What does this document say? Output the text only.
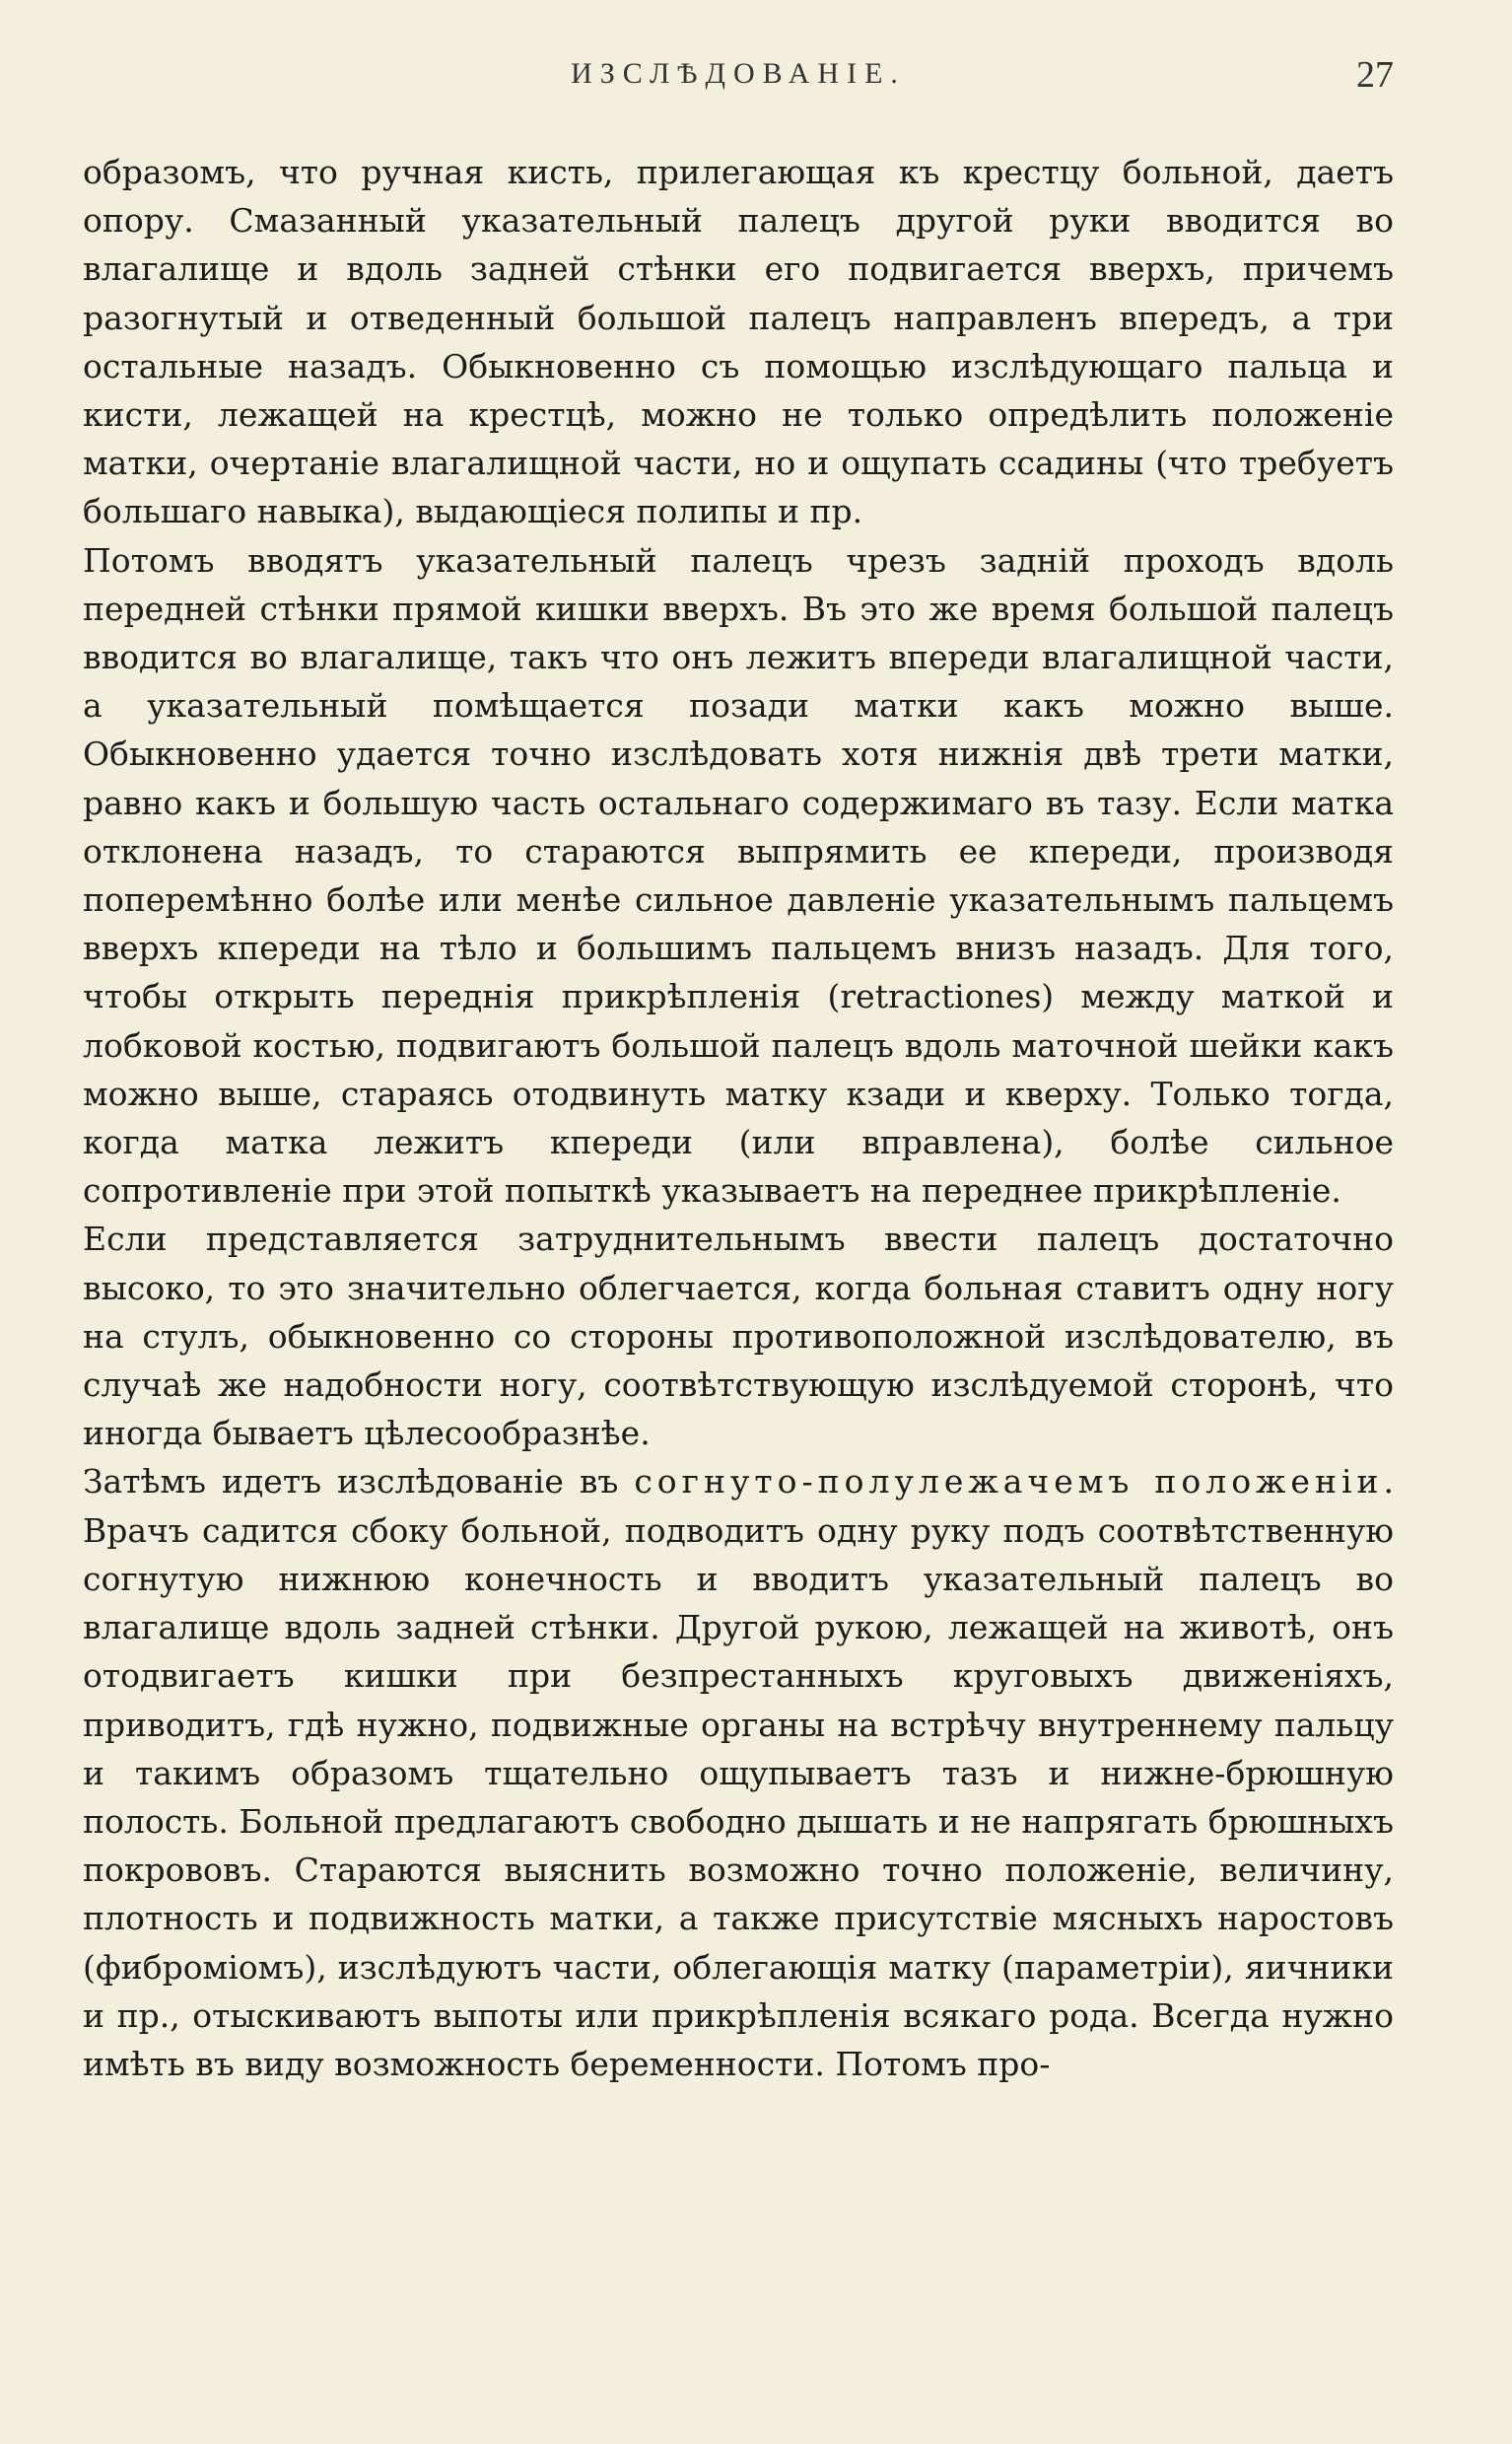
ИЗСЛѢДОВАНІЕ.	27

образомъ, что ручная кисть, прилегающая къ крестцу больной, даетъ опору. Смазанный указательный палецъ другой руки вводится во влагалище и вдоль задней стѣнки его подвигается вверхъ, причемъ разогнутый и отведенный большой палецъ направленъ впередъ, а три остальные назадъ. Обыкновенно съ помощью изслѣдующаго пальца и кисти, лежащей на крестцѣ, можно не только опредѣлить положеніе матки, очертаніе влагалищной части, но и ощупать ссадины (что требуетъ большаго навыка), выдающіеся полипы и пр.

Потомъ вводятъ указательный палецъ чрезъ заднiй проходъ вдоль передней стѣнки прямой кишки вверхъ. Въ это же время большой палецъ вводится во влагалище, такъ что онъ лежитъ впереди влагалищной части, а указательный помѣщается позади матки какъ можно выше. Обыкновенно удается точно изслѣдовать хотя нижнія двѣ трети матки, равно какъ и большую часть остальнаго содержимаго въ тазу. Если матка отклонена назадъ, то стараются выпрямить ее кпереди, производя поперемѣнно болѣе или менѣе сильное давленіе указательнымъ пальцемъ вверхъ кпереди на тѣло и большимъ пальцемъ внизъ назадъ. Для того, чтобы открыть переднія прикрѣпленія (retractiones) между маткой и лобковой костью, подвигаютъ большой палецъ вдоль маточной шейки какъ можно выше, стараясь отодвинуть матку кзади и кверху. Только тогда, когда матка лежитъ кпереди (или вправлена), болѣе сильное сопротивленіе при этой попыткѣ указываетъ на переднее прикрѣпленіе.

Если представляется затруднительнымъ ввести палецъ достаточно высоко, то это значительно облегчается, когда больная ставитъ одну ногу на стулъ, обыкновенно со стороны противоположной изслѣдователю, въ случаѣ же надобности ногу, соотвѣтствующую изслѣдуемой сторонѣ, что иногда бываетъ цѣлесообразнѣе.

Затѣмъ идетъ изслѣдованіе въ согнуто-полулежачемъ положеніи. Врачъ садится сбоку больной, подводитъ одну руку подъ соотвѣтственную согнутую нижнюю конечность и вводитъ указательный палецъ во влагалище вдоль задней стѣнки. Другой рукою, лежащей на животѣ, онъ отодвигаетъ кишки при безпрестанныхъ круговыхъ движеніяхъ, приводитъ, гдѣ нужно, подвижные органы на встрѣчу внутреннему пальцу и такимъ образомъ тщательно ощупываетъ тазъ и нижне-брюшную полость. Больной предлагаютъ свободно дышать и не напрягать брюшныхъ покрововъ. Стараются выяснить возможно точно положеніе, величину, плотность и подвижность матки, а также присутствіе мясныхъ наростовъ (фиброміомъ), изслѣдуютъ части, облегающія матку (параметріи), яичники и пр., отыскиваютъ выпоты или прикрѣпленія всякаго рода. Всегда нужно имѣть въ виду возможность беременности. Потомъ про-
